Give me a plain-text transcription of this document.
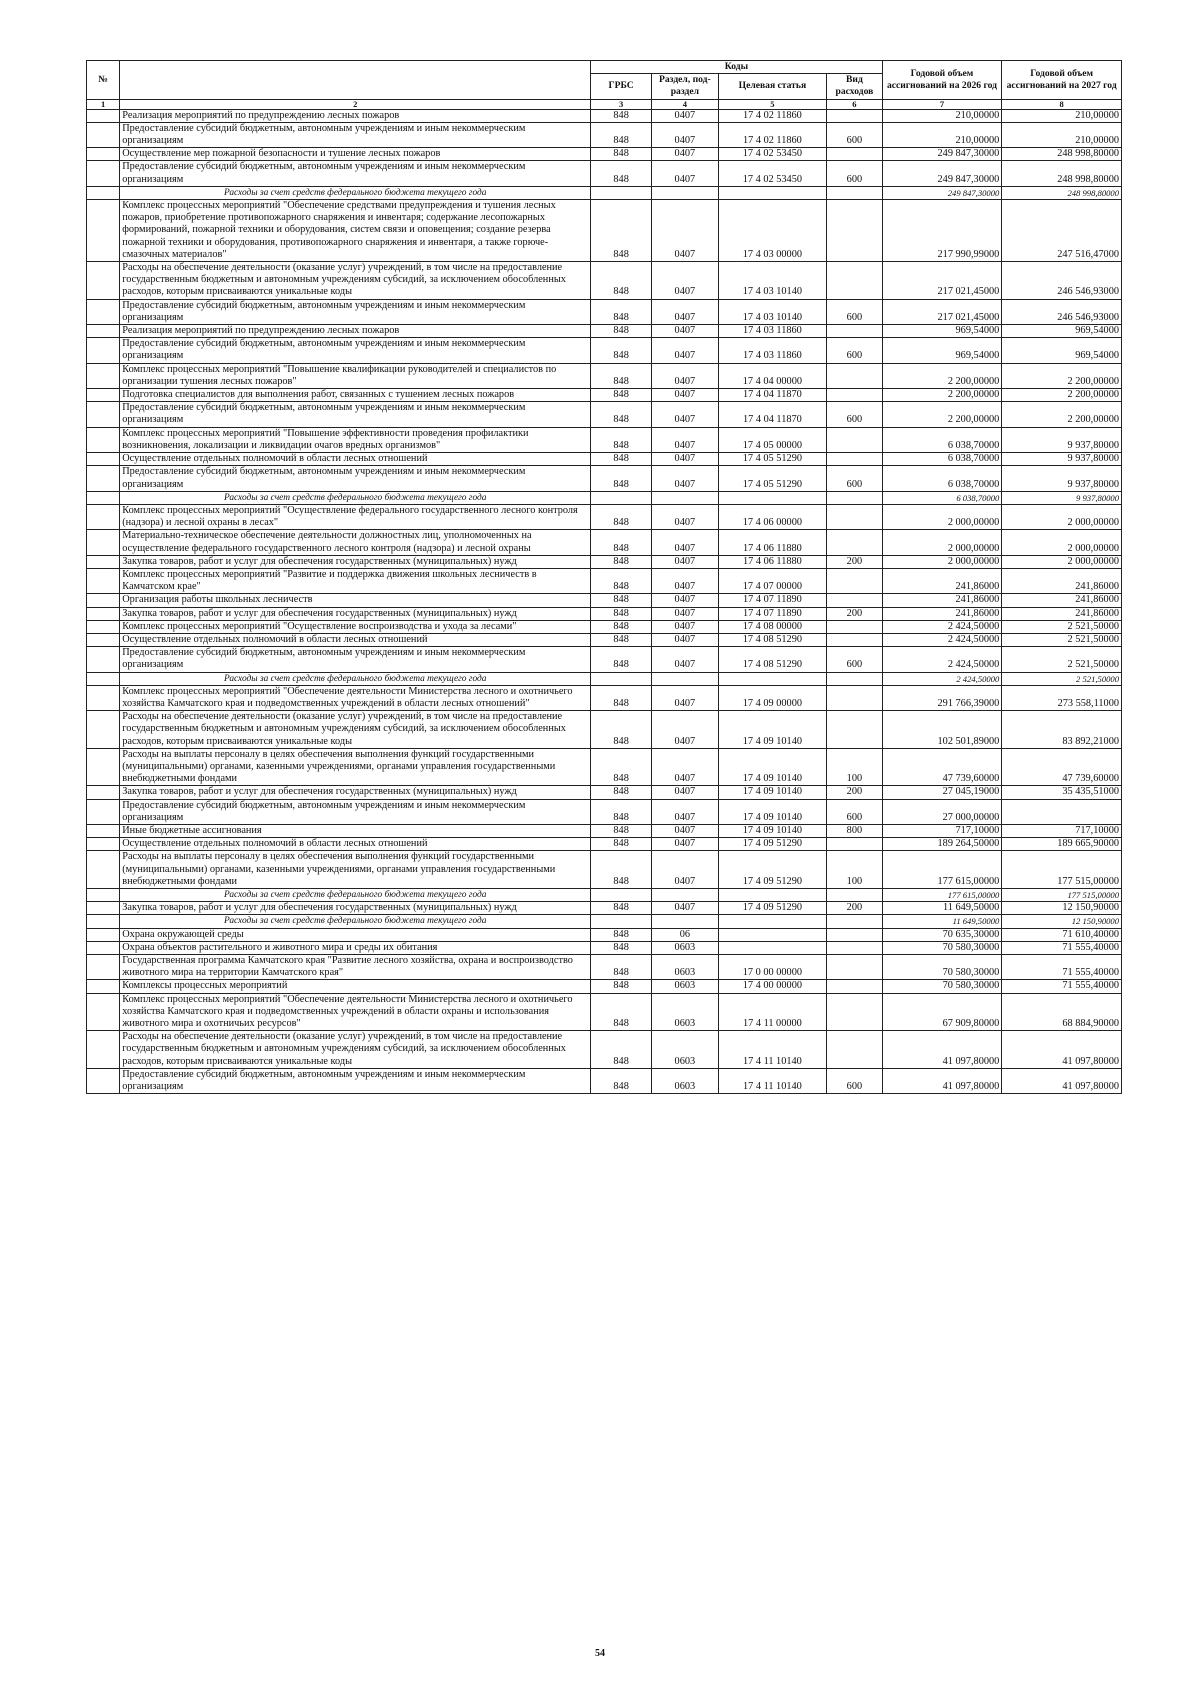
№		Коды				Годовой объем ассигнований на 2026 год	Годовой объем ассигнований на 2027 год
		ГРБС	Раздел, под-раздел	Целевая статья	Вид расходов		
1	2	3	4	5	6	7	8
	Реализация мероприятий по предупреждению лесных пожаров	848	0407	17 4 02 11860		210,00000	210,00000
	Предоставление субсидий бюджетным, автономным учреждениям и иным некоммерческим организациям	848	0407	17 4 02 11860	600	210,00000	210,00000
	Осуществление мер пожарной безопасности и тушение лесных пожаров	848	0407	17 4 02 53450		249 847,30000	248 998,80000
	Предоставление субсидий бюджетным, автономным учреждениям и иным некоммерческим организациям	848	0407	17 4 02 53450	600	249 847,30000	248 998,80000
	Расходы за счет средств федерального бюджета текущего года					249 847,30000	248 998,80000
	Комплекс процессных мероприятий "Обеспечение средствами предупреждения и тушения лесных пожаров, приобретение противопожарного снаряжения и инвентаря; содержание лесопожарных формирований, пожарной техники и оборудования, систем связи и оповещения; создание резерва пожарной техники и оборудования, противопожарного снаряжения и инвентаря, а также горюче-смазочных материалов"	848	0407	17 4 03 00000		217 990,99000	247 516,47000
	Расходы на обеспечение деятельности (оказание услуг) учреждений, в том числе на предоставление государственным бюджетным и автономным учреждениям субсидий, за исключением обособленных расходов, которым присваиваются уникальные коды	848	0407	17 4 03 10140		217 021,45000	246 546,93000
	Предоставление субсидий бюджетным, автономным учреждениям и иным некоммерческим организациям	848	0407	17 4 03 10140	600	217 021,45000	246 546,93000
	Реализация мероприятий по предупреждению лесных пожаров	848	0407	17 4 03 11860		969,54000	969,54000
	Предоставление субсидий бюджетным, автономным учреждениям и иным некоммерческим организациям	848	0407	17 4 03 11860	600	969,54000	969,54000
	Комплекс процессных мероприятий "Повышение квалификации руководителей и специалистов по организации тушения лесных пожаров"	848	0407	17 4 04 00000		2 200,00000	2 200,00000
	Подготовка специалистов для выполнения работ, связанных с тушением лесных пожаров	848	0407	17 4 04 11870		2 200,00000	2 200,00000
	Предоставление субсидий бюджетным, автономным учреждениям и иным некоммерческим организациям	848	0407	17 4 04 11870	600	2 200,00000	2 200,00000
	Комплекс процессных мероприятий "Повышение эффективности проведения профилактики возникновения, локализации и ликвидации очагов вредных организмов"	848	0407	17 4 05 00000		6 038,70000	9 937,80000
	Осуществление отдельных полномочий в области лесных отношений	848	0407	17 4 05 51290		6 038,70000	9 937,80000
	Предоставление субсидий бюджетным, автономным учреждениям и иным некоммерческим организациям	848	0407	17 4 05 51290	600	6 038,70000	9 937,80000
	Расходы за счет средств федерального бюджета текущего года					6 038,70000	9 937,80000
	Комплекс процессных мероприятий "Осуществление федерального государственного лесного контроля (надзора) и лесной охраны в лесах"	848	0407	17 4 06 00000		2 000,00000	2 000,00000
	Материально-техническое обеспечение деятельности должностных лиц, уполномоченных на осуществление федерального государственного лесного контроля (надзора) и лесной охраны	848	0407	17 4 06 11880		2 000,00000	2 000,00000
	Закупка товаров, работ и услуг для обеспечения государственных (муниципальных) нужд	848	0407	17 4 06 11880	200	2 000,00000	2 000,00000
	Комплекс процессных мероприятий "Развитие и поддержка движения школьных лесничеств в Камчатском крае"	848	0407	17 4 07 00000		241,86000	241,86000
	Организация работы школьных лесничеств	848	0407	17 4 07 11890		241,86000	241,86000
	Закупка товаров, работ и услуг для обеспечения государственных (муниципальных) нужд	848	0407	17 4 07 11890	200	241,86000	241,86000
	Комплекс процессных мероприятий "Осуществление воспроизводства и ухода за лесами"	848	0407	17 4 08 00000		2 424,50000	2 521,50000
	Осуществление отдельных полномочий в области лесных отношений	848	0407	17 4 08 51290		2 424,50000	2 521,50000
	Предоставление субсидий бюджетным, автономным учреждениям и иным некоммерческим организациям	848	0407	17 4 08 51290	600	2 424,50000	2 521,50000
	Расходы за счет средств федерального бюджета текущего года					2 424,50000	2 521,50000
	Комплекс процессных мероприятий "Обеспечение деятельности Министерства лесного и охотничьего хозяйства Камчатского края и подведомственных учреждений в области лесных отношений"	848	0407	17 4 09 00000		291 766,39000	273 558,11000
	Расходы на обеспечение деятельности (оказание услуг) учреждений, в том числе на предоставление государственным бюджетным и автономным учреждениям субсидий, за исключением обособленных расходов, которым присваиваются уникальные коды	848	0407	17 4 09 10140		102 501,89000	83 892,21000
	Расходы на выплаты персоналу в целях обеспечения выполнения функций государственными (муниципальными) органами, казенными учреждениями, органами управления государственными внебюджетными фондами	848	0407	17 4 09 10140	100	47 739,60000	47 739,60000
	Закупка товаров, работ и услуг для обеспечения государственных (муниципальных) нужд	848	0407	17 4 09 10140	200	27 045,19000	35 435,51000
	Предоставление субсидий бюджетным, автономным учреждениям и иным некоммерческим организациям	848	0407	17 4 09 10140	600	27 000,00000	
	Иные бюджетные ассигнования	848	0407	17 4 09 10140	800	717,10000	717,10000
	Осуществление отдельных полномочий в области лесных отношений	848	0407	17 4 09 51290		189 264,50000	189 665,90000
	Расходы на выплаты персоналу в целях обеспечения выполнения функций государственными (муниципальными) органами, казенными учреждениями, органами управления государственными внебюджетными фондами	848	0407	17 4 09 51290	100	177 615,00000	177 515,00000
	Расходы за счет средств федерального бюджета текущего года					177 615,00000	177 515,00000
	Закупка товаров, работ и услуг для обеспечения государственных (муниципальных) нужд	848	0407	17 4 09 51290	200	11 649,50000	12 150,90000
	Расходы за счет средств федерального бюджета текущего года					11 649,50000	12 150,90000
	Охрана окружающей среды	848	06			70 635,30000	71 610,40000
	Охрана объектов растительного и животного мира и среды их обитания	848	0603			70 580,30000	71 555,40000
	Государственная программа Камчатского края "Развитие лесного хозяйства, охрана и воспроизводство животного мира на территории Камчатского края"	848	0603	17 0 00 00000		70 580,30000	71 555,40000
	Комплексы процессных мероприятий	848	0603	17 4 00 00000		70 580,30000	71 555,40000
	Комплекс процессных мероприятий "Обеспечение деятельности Министерства лесного и охотничьего хозяйства Камчатского края и подведомственных учреждений в области охраны и использования животного мира и охотничьих ресурсов"	848	0603	17 4 11 00000		67 909,80000	68 884,90000
	Расходы на обеспечение деятельности (оказание услуг) учреждений, в том числе на предоставление государственным бюджетным и автономным учреждениям субсидий, за исключением обособленных расходов, которым присваиваются уникальные коды	848	0603	17 4 11 10140		41 097,80000	41 097,80000
	Предоставление субсидий бюджетным, автономным учреждениям и иным некоммерческим организациям	848	0603	17 4 11 10140	600	41 097,80000	41 097,80000
54
